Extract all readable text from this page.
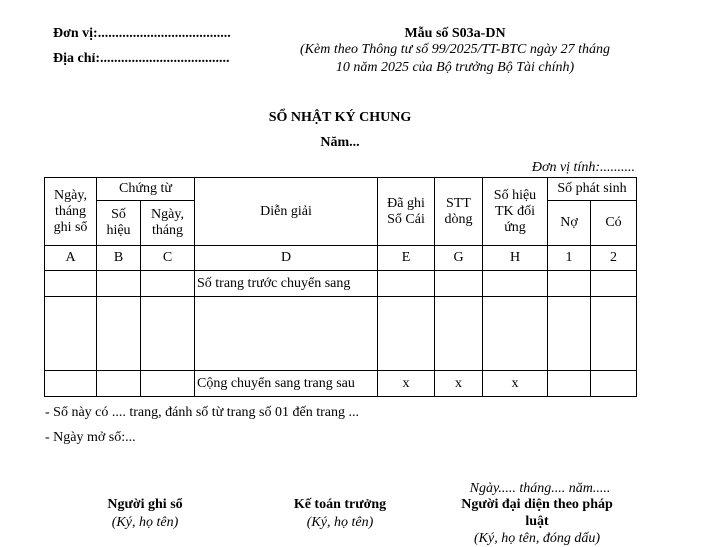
Đơn vị:......................................
Địa chỉ:.....................................
Mẫu số S03a-DN
(Kèm theo Thông tư số 99/2025/TT-BTC ngày 27 tháng
10 năm 2025 của Bộ trưởng Bộ Tài chính)
SỔ NHẬT KÝ CHUNG
Năm...
Đơn vị tính:..........
Ngày,
tháng
ghi sổ	Chứng từ	Diễn giải	Đã ghi
Sổ Cái	STT
dòng	Số hiệu
TK đối
ứng	Số phát sinh
Số
hiệu	Ngày,
tháng	Nợ	Có
A	B	C	D	E	G	H	1	2
			Số trang trước chuyển sang					

			Cộng chuyển sang trang sau	x	x	x		
- Sổ này có .... trang, đánh số từ trang số 01 đến trang ...
- Ngày mở sổ:...
Ngày..... tháng.... năm.....
Người ghi sổ
(Ký, họ tên)
Kế toán trưởng
(Ký, họ tên)
Người đại diện theo pháp
luật
(Ký, họ tên, đóng dấu)
